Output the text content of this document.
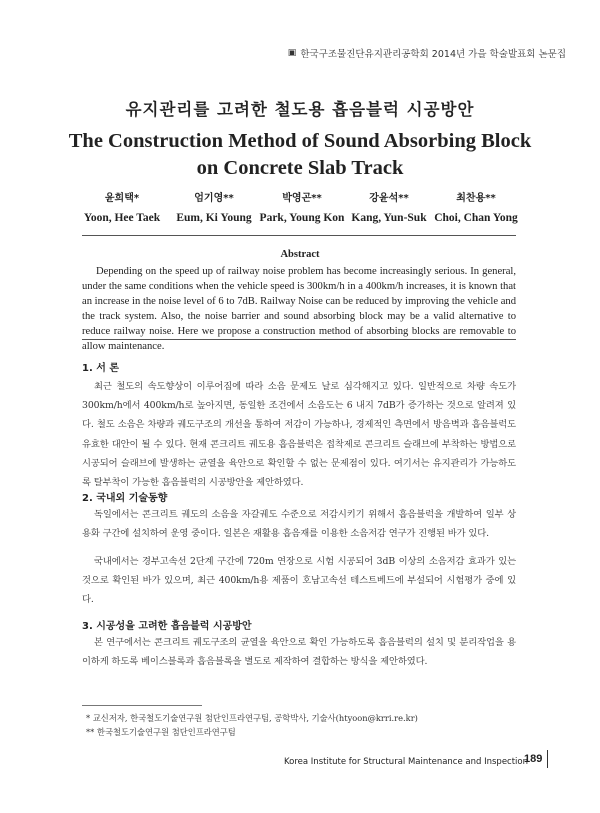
▣ 한국구조물진단유지관리공학회 2014년 가을 학술발표회 논문집
유지관리를 고려한 철도용 흡음블럭 시공방안
The Construction Method of Sound Absorbing Block
on Concrete Slab Track
윤희택*
Yoon, Hee Taek
엄기영**
Eum, Ki Young
박영곤**
Park, Young Kon
강윤석**
Kang, Yun-Suk
최찬용**
Choi, Chan Yong
Abstract
Depending on the speed up of railway noise problem has become increasingly serious. In general, under the same conditions when the vehicle speed is 300km/h in a 400km/h increases, it is known that an increase in the noise level of 6 to 7dB. Railway Noise can be reduced by improving the vehicle and the track system. Also, the noise barrier and sound absorbing block may be a valid alternative to reduce railway noise. Here we propose a construction method of absorbing blocks are removable to allow maintenance.
1. 서 론
최근 철도의 속도향상이 이루어짐에 따라 소음 문제도 날로 심각해지고 있다. 일반적으로 차량 속도가 300km/h에서 400km/h로 높아지면, 동일한 조건에서 소음도는 6 내지 7dB가 증가하는 것으로 알려져 있다. 철도 소음은 차량과 궤도구조의 개선을 통하여 저감이 가능하나, 경제적인 측면에서 방음벽과 흡음블럭도 유효한 대안이 될 수 있다. 현재 콘크리트 궤도용 흡음블럭은 접착제로 콘크리트 슬래브에 부착하는 방법으로 시공되어 슬래브에 발생하는 균열을 육안으로 확인할 수 없는 문제점이 있다. 여기서는 유지관리가 가능하도록 탈부착이 가능한 흡음블럭의 시공방안을 제안하였다.
2. 국내외 기술동향
독일에서는 콘크리트 궤도의 소음을 자갈궤도 수준으로 저감시키기 위해서 흡음블럭을 개발하여 일부 상용화 구간에 설치하여 운영 중이다. 일본은 재활용 흡음재를 이용한 소음저감 연구가 진행된 바가 있다.
국내에서는 경부고속선 2단계 구간에 720m 연장으로 시험 시공되어 3dB 이상의 소음저감 효과가 있는 것으로 확인된 바가 있으며, 최근 400km/h용 제품이 호남고속선 테스트베드에 부설되어 시험평가 중에 있다.
3. 시공성을 고려한 흡음블럭 시공방안
본 연구에서는 콘크리트 궤도구조의 균열을 육안으로 확인 가능하도록 흡음블럭의 설치 및 분리작업을 용이하게 하도록 베이스블록과 흡음블록을 별도로 제작하여 결합하는 방식을 제안하였다.
* 교신저자, 한국철도기술연구원 첨단인프라연구팀, 공학박사, 기술사(htyoon@krri.re.kr)
** 한국철도기술연구원 첨단인프라연구팀
Korea Institute for Structural Maintenance and Inspection
189
